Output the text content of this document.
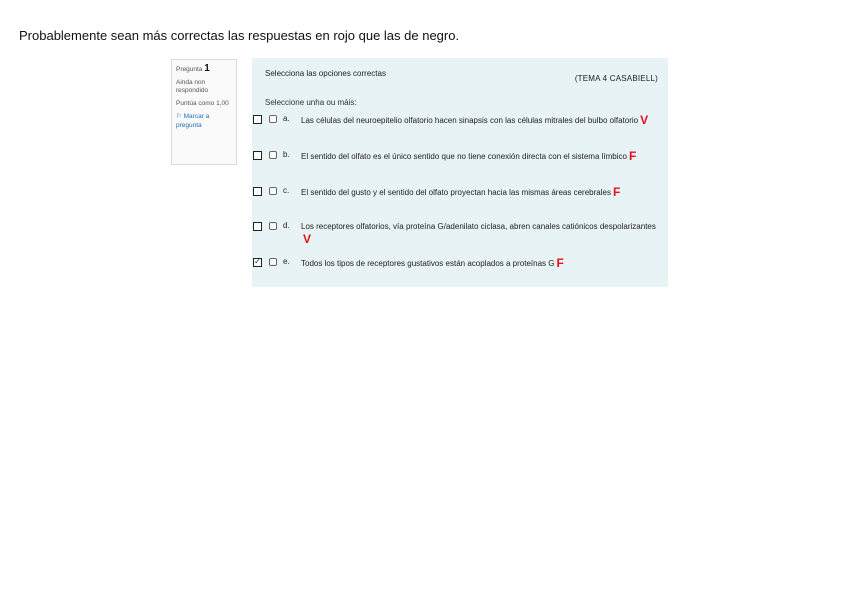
Probablemente sean más correctas las respuestas en rojo que las de negro.
Pregunta 1
Ainda non respondido
Puntúa como 1,00
⚐ Marcar a pregunta
Selecciona las opciones correctas
(TEMA 4 CASABIELL)
Seleccione unha ou máis:
a. Las células del neuroepitelio olfatorio hacen sinapsis con las células mitrales del bulbo olfatorio V
b. El sentido del olfato es el único sentido que no tiene conexión directa con el sistema límbico F
c. El sentido del gusto y el sentido del olfato proyectan hacia las mismas áreas cerebrales F
d. Los receptores olfatorios, vía proteína G/adenilato ciclasa, abren canales catiónicos despolarizantesV
✓	e. Todos los tipos de receptores gustativos están acoplados a proteínas G F
